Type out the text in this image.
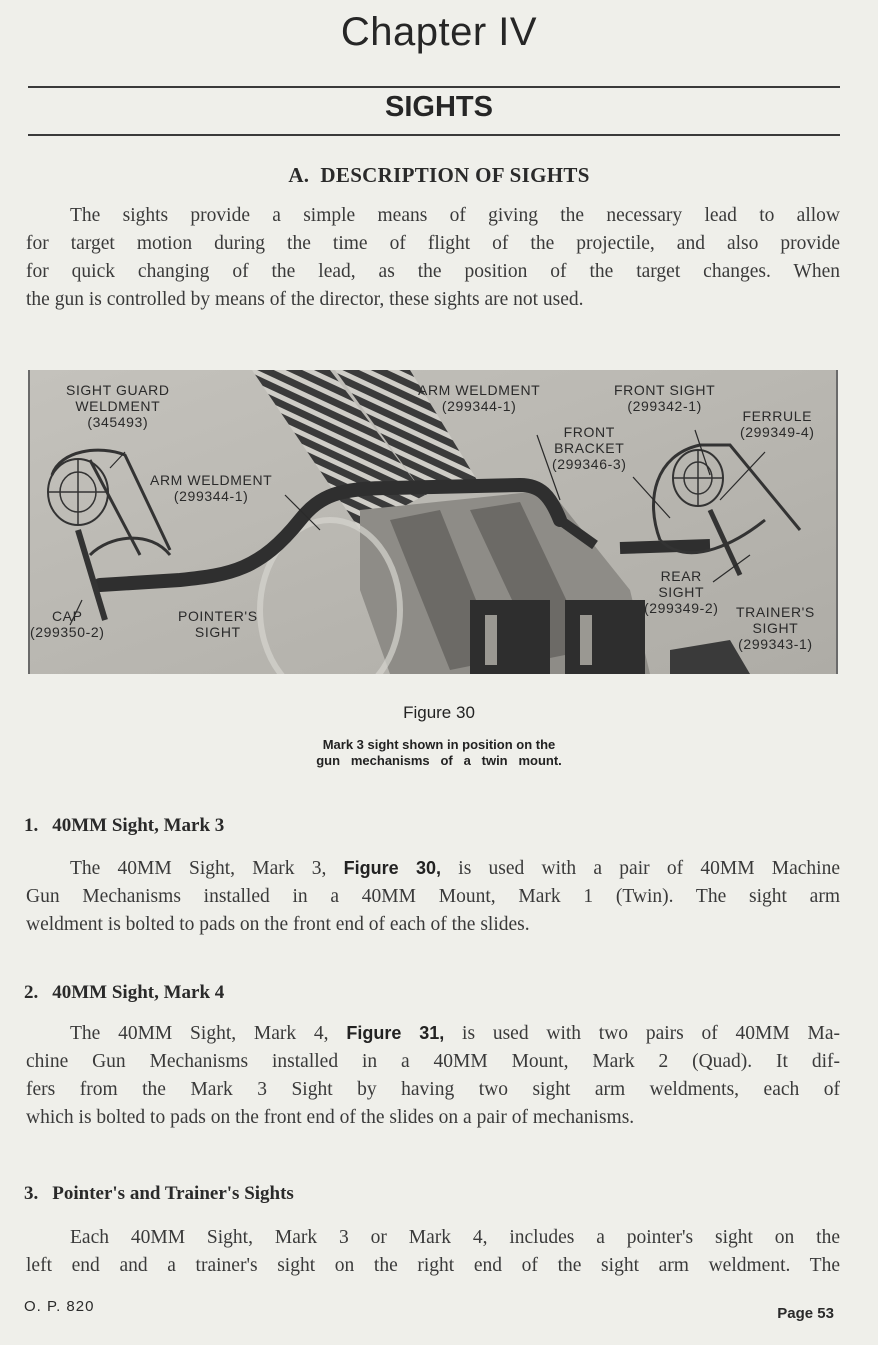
Chapter IV
SIGHTS
A.  DESCRIPTION OF SIGHTS
The sights provide a simple means of giving the necessary lead to allow
for target motion during the time of flight of the projectile, and also provide
for quick changing of the lead, as the position of the target changes. When
the gun is controlled by means of the director, these sights are not used.
SIGHT GUARD
WELDMENT
(345493)
ARM WELDMENT
(299344-1)
CAP
(299350-2)
POINTER'S
SIGHT
ARM WELDMENT
(299344-1)
FRONT SIGHT
(299342-1)
FERRULE
(299349-4)
FRONT
BRACKET
(299346-3)
REAR
SIGHT
(299349-2) TRAINER'S
SIGHT
(299343-1)
Figure 30
Mark 3 sight shown in position on the
gun   mechanisms   of   a   twin   mount.
1. 40MM Sight, Mark 3
The 40MM Sight, Mark 3, Figure 30, is used with a pair of 40MM Machine
Gun Mechanisms installed in a 40MM Mount, Mark 1 (Twin). The sight arm
weldment is bolted to pads on the front end of each of the slides.
2. 40MM Sight, Mark 4
The 40MM Sight, Mark 4, Figure 31, is used with two pairs of 40MM Ma-
chine Gun Mechanisms installed in a 40MM Mount, Mark 2 (Quad). It dif-
fers from the Mark 3 Sight by having two sight arm weldments, each of
which is bolted to pads on the front end of the slides on a pair of mechanisms.
3. Pointer's and Trainer's Sights
Each 40MM Sight, Mark 3 or Mark 4, includes a pointer's sight on the
left end and a trainer's sight on the right end of the sight arm weldment. The
O. P. 820	Page 53
